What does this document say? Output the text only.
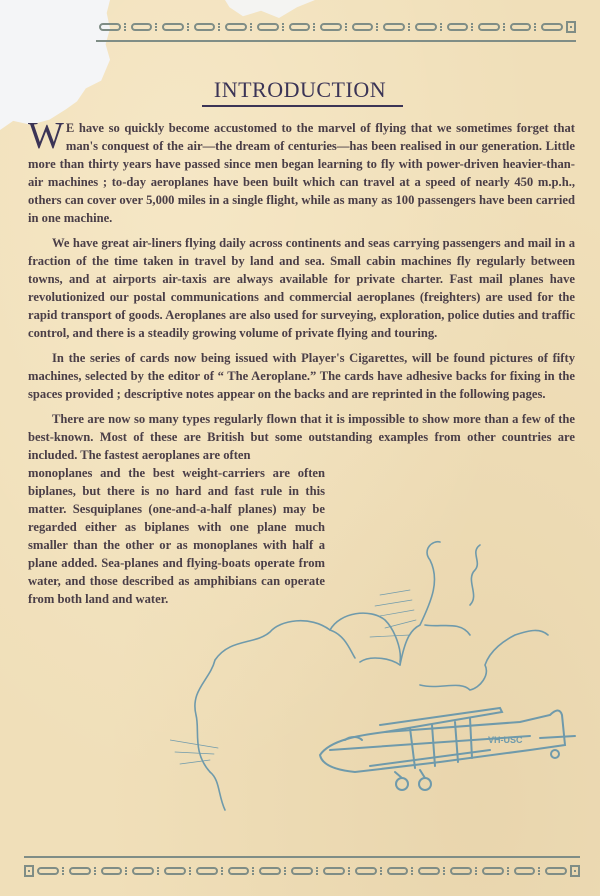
INTRODUCTION

W E have so quickly become accustomed to the marvel of flying that we sometimes forget that man's conquest of the air—the dream of centuries—has been realised in our generation. Little more than thirty years have passed since men began learning to fly with power-driven heavier-than-air machines ; to-day aeroplanes have been built which can travel at a speed of nearly 450 m.p.h., others can cover over 5,000 miles in a single flight, while as many as 100 passengers have been carried in one machine.

We have great air-liners flying daily across continents and seas carrying passengers and mail in a fraction of the time taken in travel by land and sea. Small cabin machines fly regularly between towns, and at airports air-taxis are always available for private charter. Fast mail planes have revolutionized our postal communications and commercial aeroplanes (freighters) are used for the rapid transport of goods. Aeroplanes are also used for surveying, exploration, police duties and traffic control, and there is a steadily growing volume of private flying and touring.

In the series of cards now being issued with Player's Cigarettes, will be found pictures of fifty machines, selected by the editor of “ The Aeroplane.” The cards have adhesive backs for fixing in the spaces provided ; descriptive notes appear on the backs and are reprinted in the following pages.

There are now so many types regularly flown that it is impossible to show more than a few of the best-known. Most of these are British but some outstanding examples from other countries are included. The fastest aeroplanes are often

monoplanes and the best weight-carriers are often biplanes, but there is no hard and fast rule in this matter. Sesquiplanes (one-and-a-half planes) may be regarded either as biplanes with one plane much smaller than the other or as monoplanes with half a plane added. Sea-planes and flying-boats operate from water, and those described as amphibians can operate from both land and water.
VH-USC
